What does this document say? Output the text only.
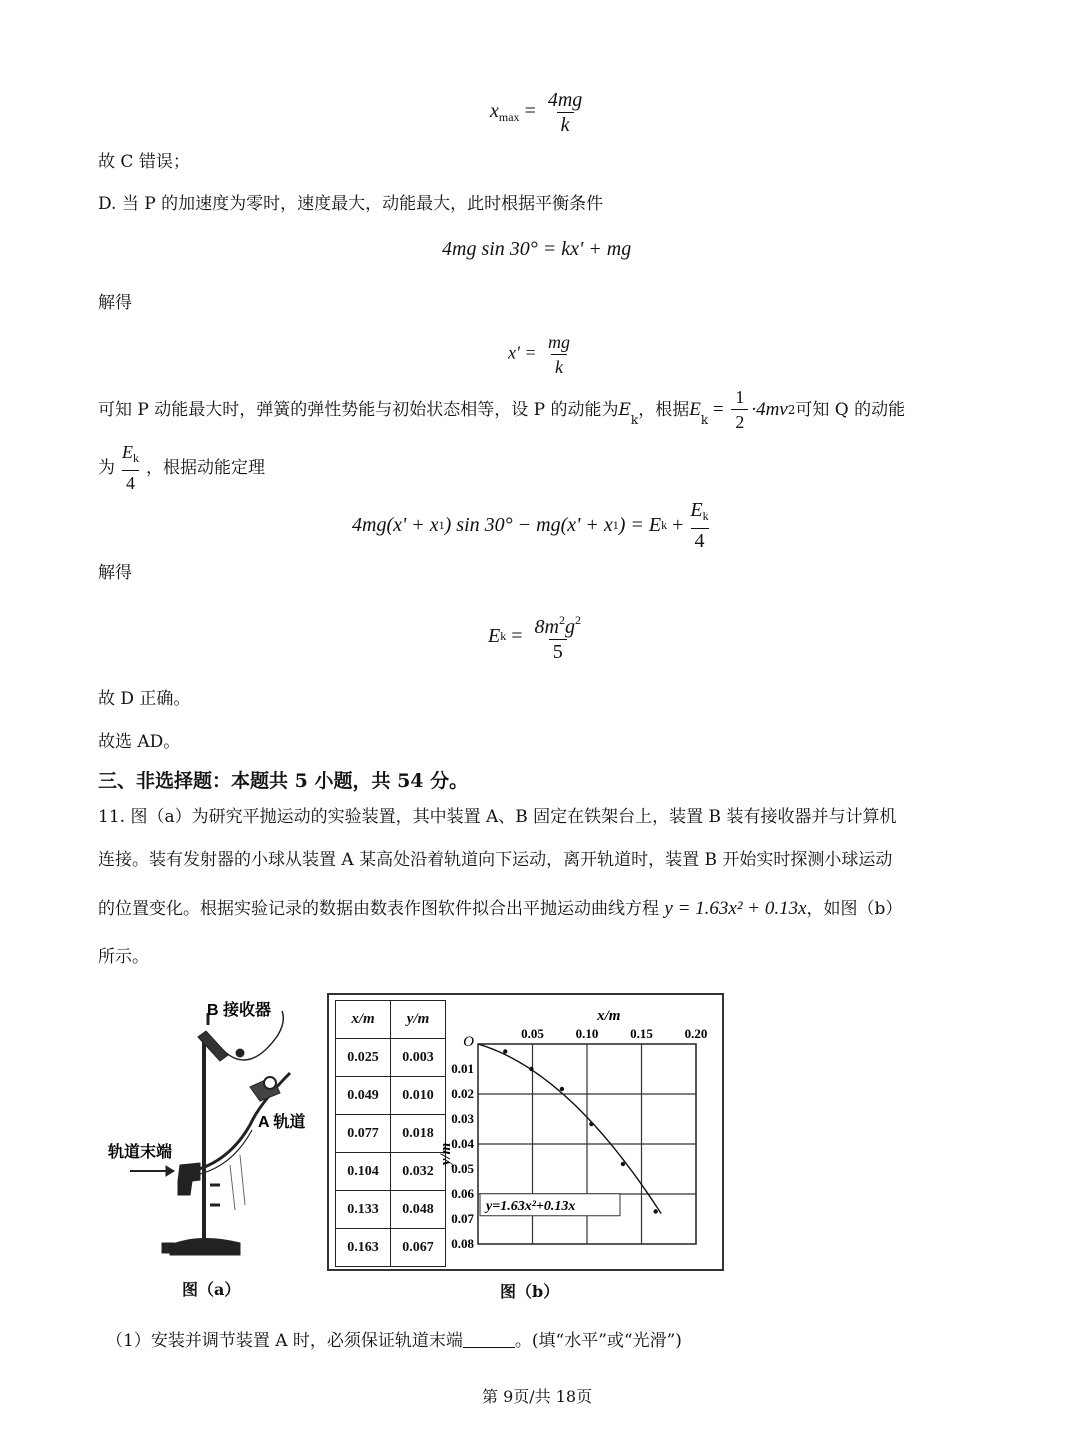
$x_{max} = \frac{4mg}{k}$
故 C 错误；
D. 当 P 的加速度为零时，速度最大，动能最大，此时根据平衡条件
4mg sin 30° = kx' + mg
解得
$x' = \frac{mg}{k}$
可知 P 动能最大时，弹簧的弹性势能与初始状态相等，设 P 的动能为 E
k
，根据 E
k
= $\frac{1}{2} \cdot 4mv$ 2 可知 Q 的动能
为 $\frac{E_k}{4}$ ，根据动能定理
4mg(x' + x 1 ) sin 30° − mg(x' + x 1 ) = E k
+ $\frac{E_k}{4}$
解得
E $k = \frac{8m^2g^2}{5}$
故 D 正确。
故选 AD。
三、非选择题：本题共 5 小题，共 54 分。
11. 图（a）为研究平抛运动的实验装置，其中装置 A、B 固定在铁架台上，装置 B 装有接收器并与计算机
连接。装有发射器的小球从装置 A 某高处沿着轨道向下运动，离开轨道时，装置 B 开始实时探测小球运动
的位置变化。根据实验记录的数据由数表作图软件拟合出平抛运动曲线方程 y = 1.63x² + 0.13x，如图（b）
所示。
B 接收器
A 轨道
轨道末端
图（a）
x/m	y/m
0.025	0.003
0.049	0.010
0.077	0.018
0.104	0.032
0.133	0.048
0.163	0.067
0.05 0.10 0.15 0.20
0.01
0.02
0.03
0.04
0.05
0.06
0.07
0.08
O
x/m
y/m
y=1.63x²+0.13x
图（b）
（1）安装并调节装置 A 时，必须保证轨道末端	。(填“水平”或“光滑”)
第 9页/共 18页
